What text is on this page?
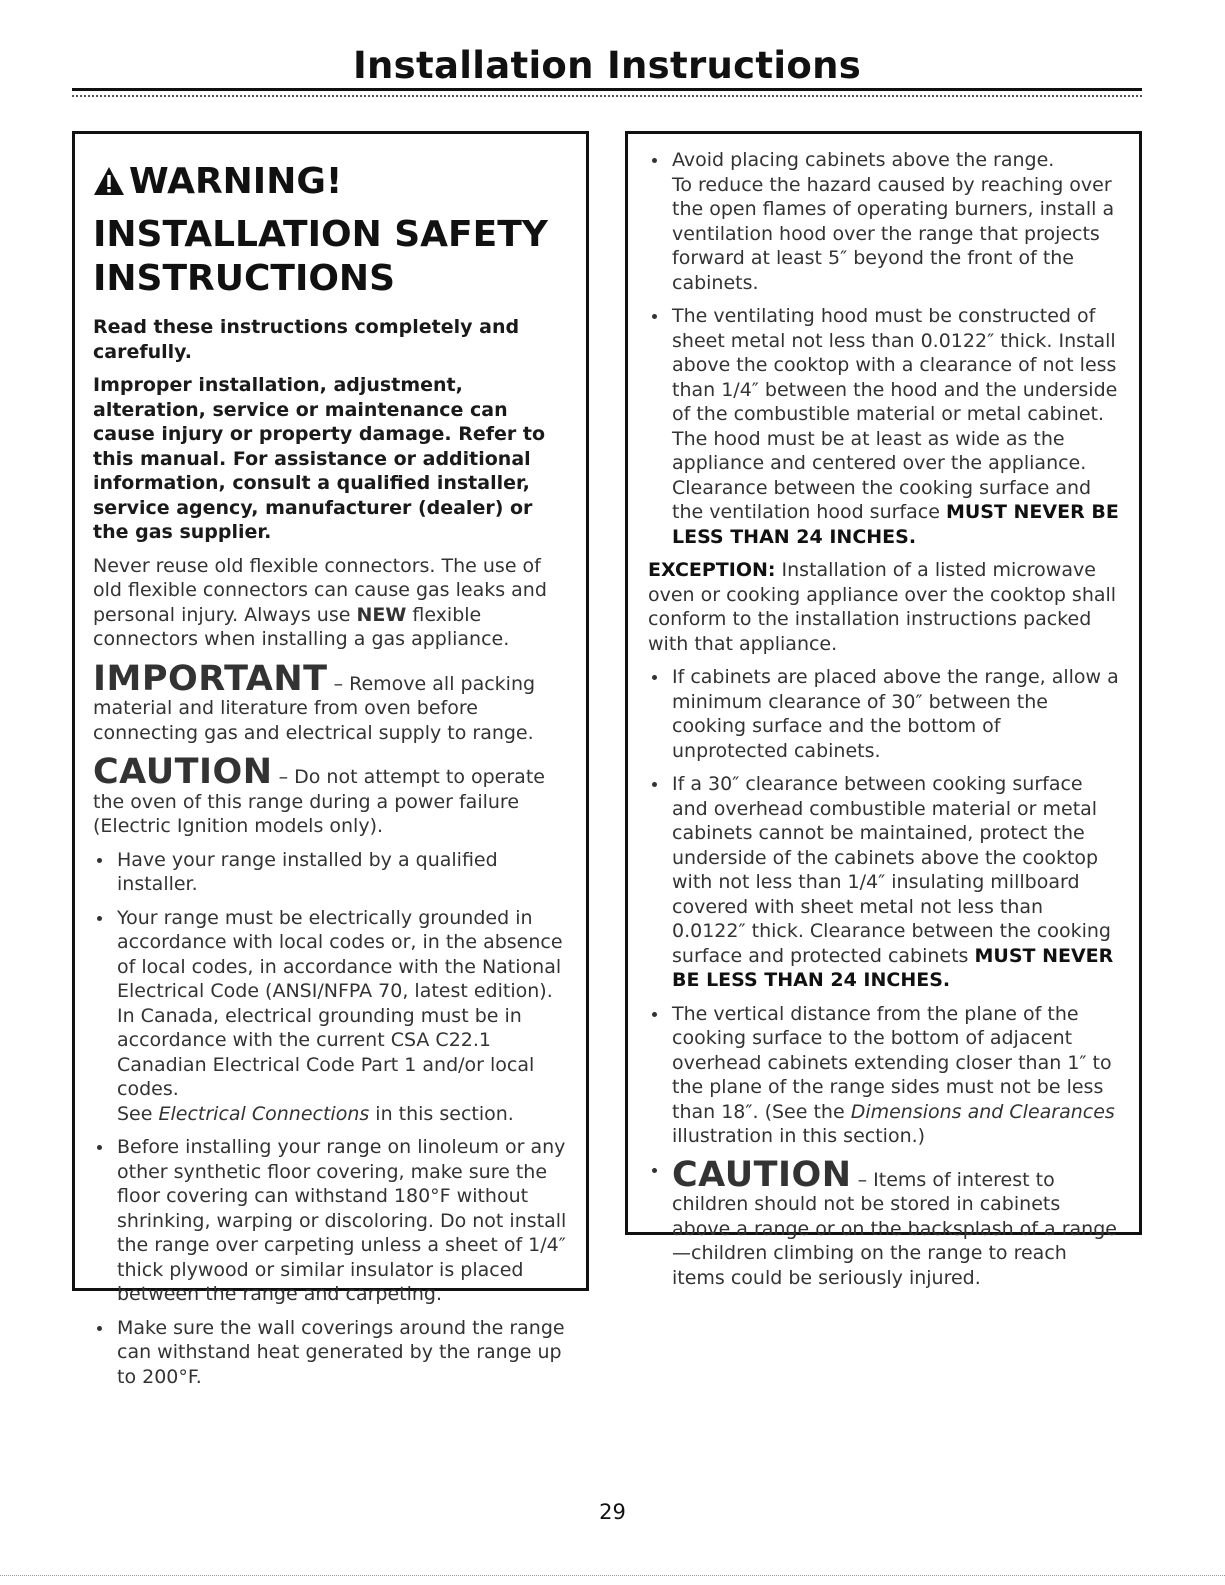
Installation Instructions
WARNING!
INSTALLATION SAFETY
INSTRUCTIONS

Read these instructions completely and carefully.

Improper installation, adjustment, alteration, service or maintenance can cause injury or property damage. Refer to this manual. For assistance or additional information, consult a qualified installer, service agency, manufacturer (dealer) or the gas supplier.

Never reuse old flexible connectors. The use of old flexible connectors can cause gas leaks and personal injury. Always use NEW flexible connectors when installing a gas appliance.

IMPORTANT – Remove all packing material and literature from oven before connecting gas and electrical supply to range.

CAUTION – Do not attempt to operate the oven of this range during a power failure (Electric Ignition models only).

Have your range installed by a qualified installer.
Your range must be electrically grounded in accordance with local codes or, in the absence of local codes, in accordance with the National Electrical Code (ANSI/NFPA 70, latest edition).
In Canada, electrical grounding must be in accordance with the current CSA C22.1 Canadian Electrical Code Part 1 and/or local codes.
See Electrical Connections in this section.
Before installing your range on linoleum or any other synthetic floor covering, make sure the floor covering can withstand 180°F without shrinking, warping or discoloring. Do not install the range over carpeting unless a sheet of 1/4″ thick plywood or similar insulator is placed between the range and carpeting.
Make sure the wall coverings around the range can withstand heat generated by the range up to 200°F.
Avoid placing cabinets above the range.
To reduce the hazard caused by reaching over the open flames of operating burners, install a ventilation hood over the range that projects forward at least 5″ beyond the front of the cabinets.
The ventilating hood must be constructed of sheet metal not less than 0.0122″ thick. Install above the cooktop with a clearance of not less than 1/4″ between the hood and the underside of the combustible material or metal cabinet. The hood must be at least as wide as the appliance and centered over the appliance. Clearance between the cooking surface and the ventilation hood surface MUST NEVER BE LESS THAN 24 INCHES.

EXCEPTION: Installation of a listed microwave oven or cooking appliance over the cooktop shall conform to the installation instructions packed with that appliance.

If cabinets are placed above the range, allow a minimum clearance of 30″ between the cooking surface and the bottom of unprotected cabinets.
If a 30″ clearance between cooking surface and overhead combustible material or metal cabinets cannot be maintained, protect the underside of the cabinets above the cooktop with not less than 1/4″ insulating millboard covered with sheet metal not less than 0.0122″ thick. Clearance between the cooking surface and protected cabinets MUST NEVER BE LESS THAN 24 INCHES.
The vertical distance from the plane of the cooking surface to the bottom of adjacent overhead cabinets extending closer than 1″ to the plane of the range sides must not be less than 18″. (See the Dimensions and Clearances illustration in this section.)
CAUTION – Items of interest to children should not be stored in cabinets above a range or on the backsplash of a range—children climbing on the range to reach items could be seriously injured.
29
